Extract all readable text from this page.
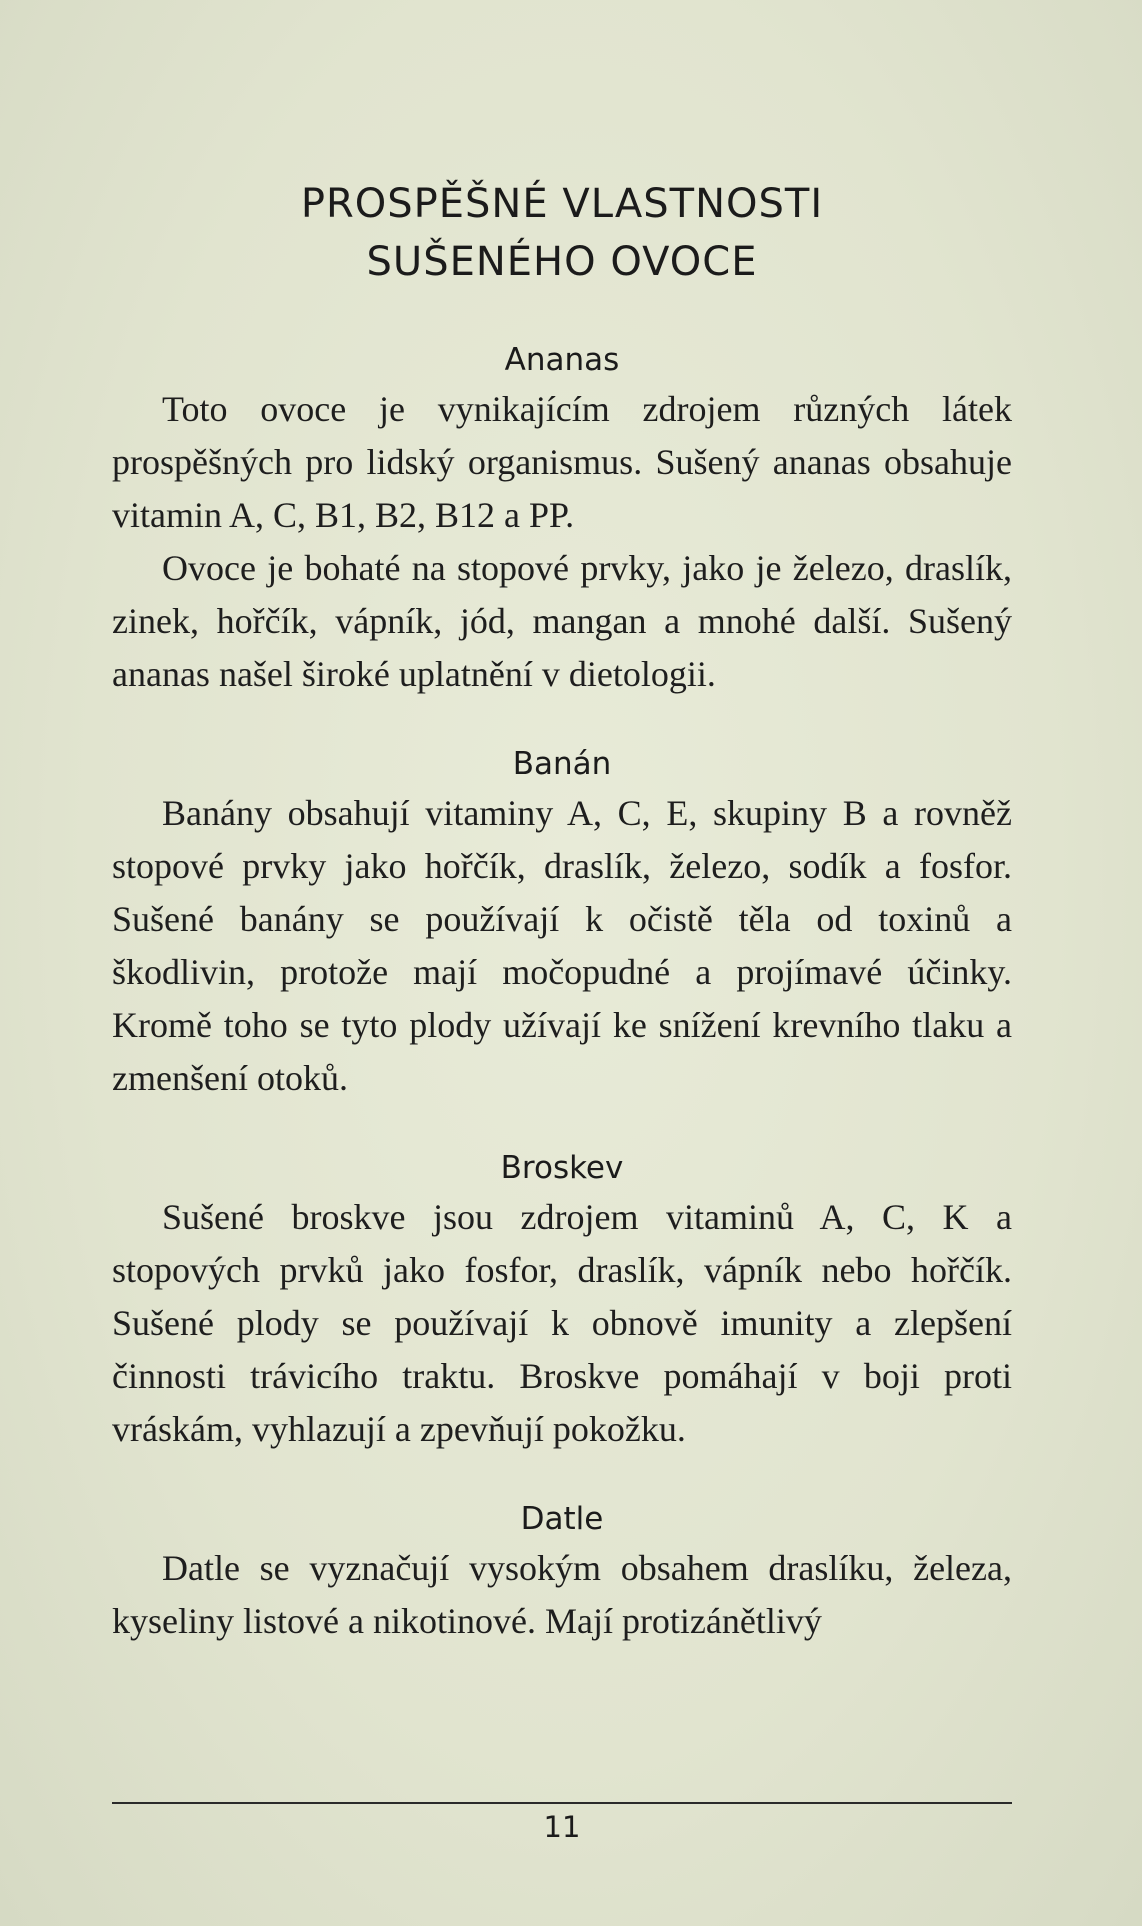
PROSPĚŠNÉ VLASTNOSTI
SUŠENÉHO OVOCE
Ananas

Toto ovoce je vynikajícím zdrojem různých látek prospěšných pro lidský organismus. Sušený ananas obsahuje vitamin A, C, B1, B2, B12 a PP.

Ovoce je bohaté na stopové prvky, jako je železo, draslík, zinek, hořčík, vápník, jód, mangan a mnohé další. Sušený ananas našel široké uplatnění v dietologii.

Banán

Banány obsahují vitaminy A, C, E, skupiny B a rovněž stopové prvky jako hořčík, draslík, železo, sodík a fosfor. Sušené banány se používají k očistě těla od toxinů a škodlivin, protože mají močopudné a projímavé účinky. Kromě toho se tyto plody užívají ke snížení krevního tlaku a zmenšení otoků.

Broskev

Sušené broskve jsou zdrojem vitaminů A, C, K a stopových prvků jako fosfor, draslík, vápník nebo hořčík. Sušené plody se používají k obnově imunity a zlepšení činnosti trávicího traktu. Broskve pomáhají v boji proti vráskám, vyhlazují a zpevňují pokožku.

Datle

Datle se vyznačují vysokým obsahem draslíku, železa, kyseliny listové a nikotinové. Mají protizánětlivý

11
